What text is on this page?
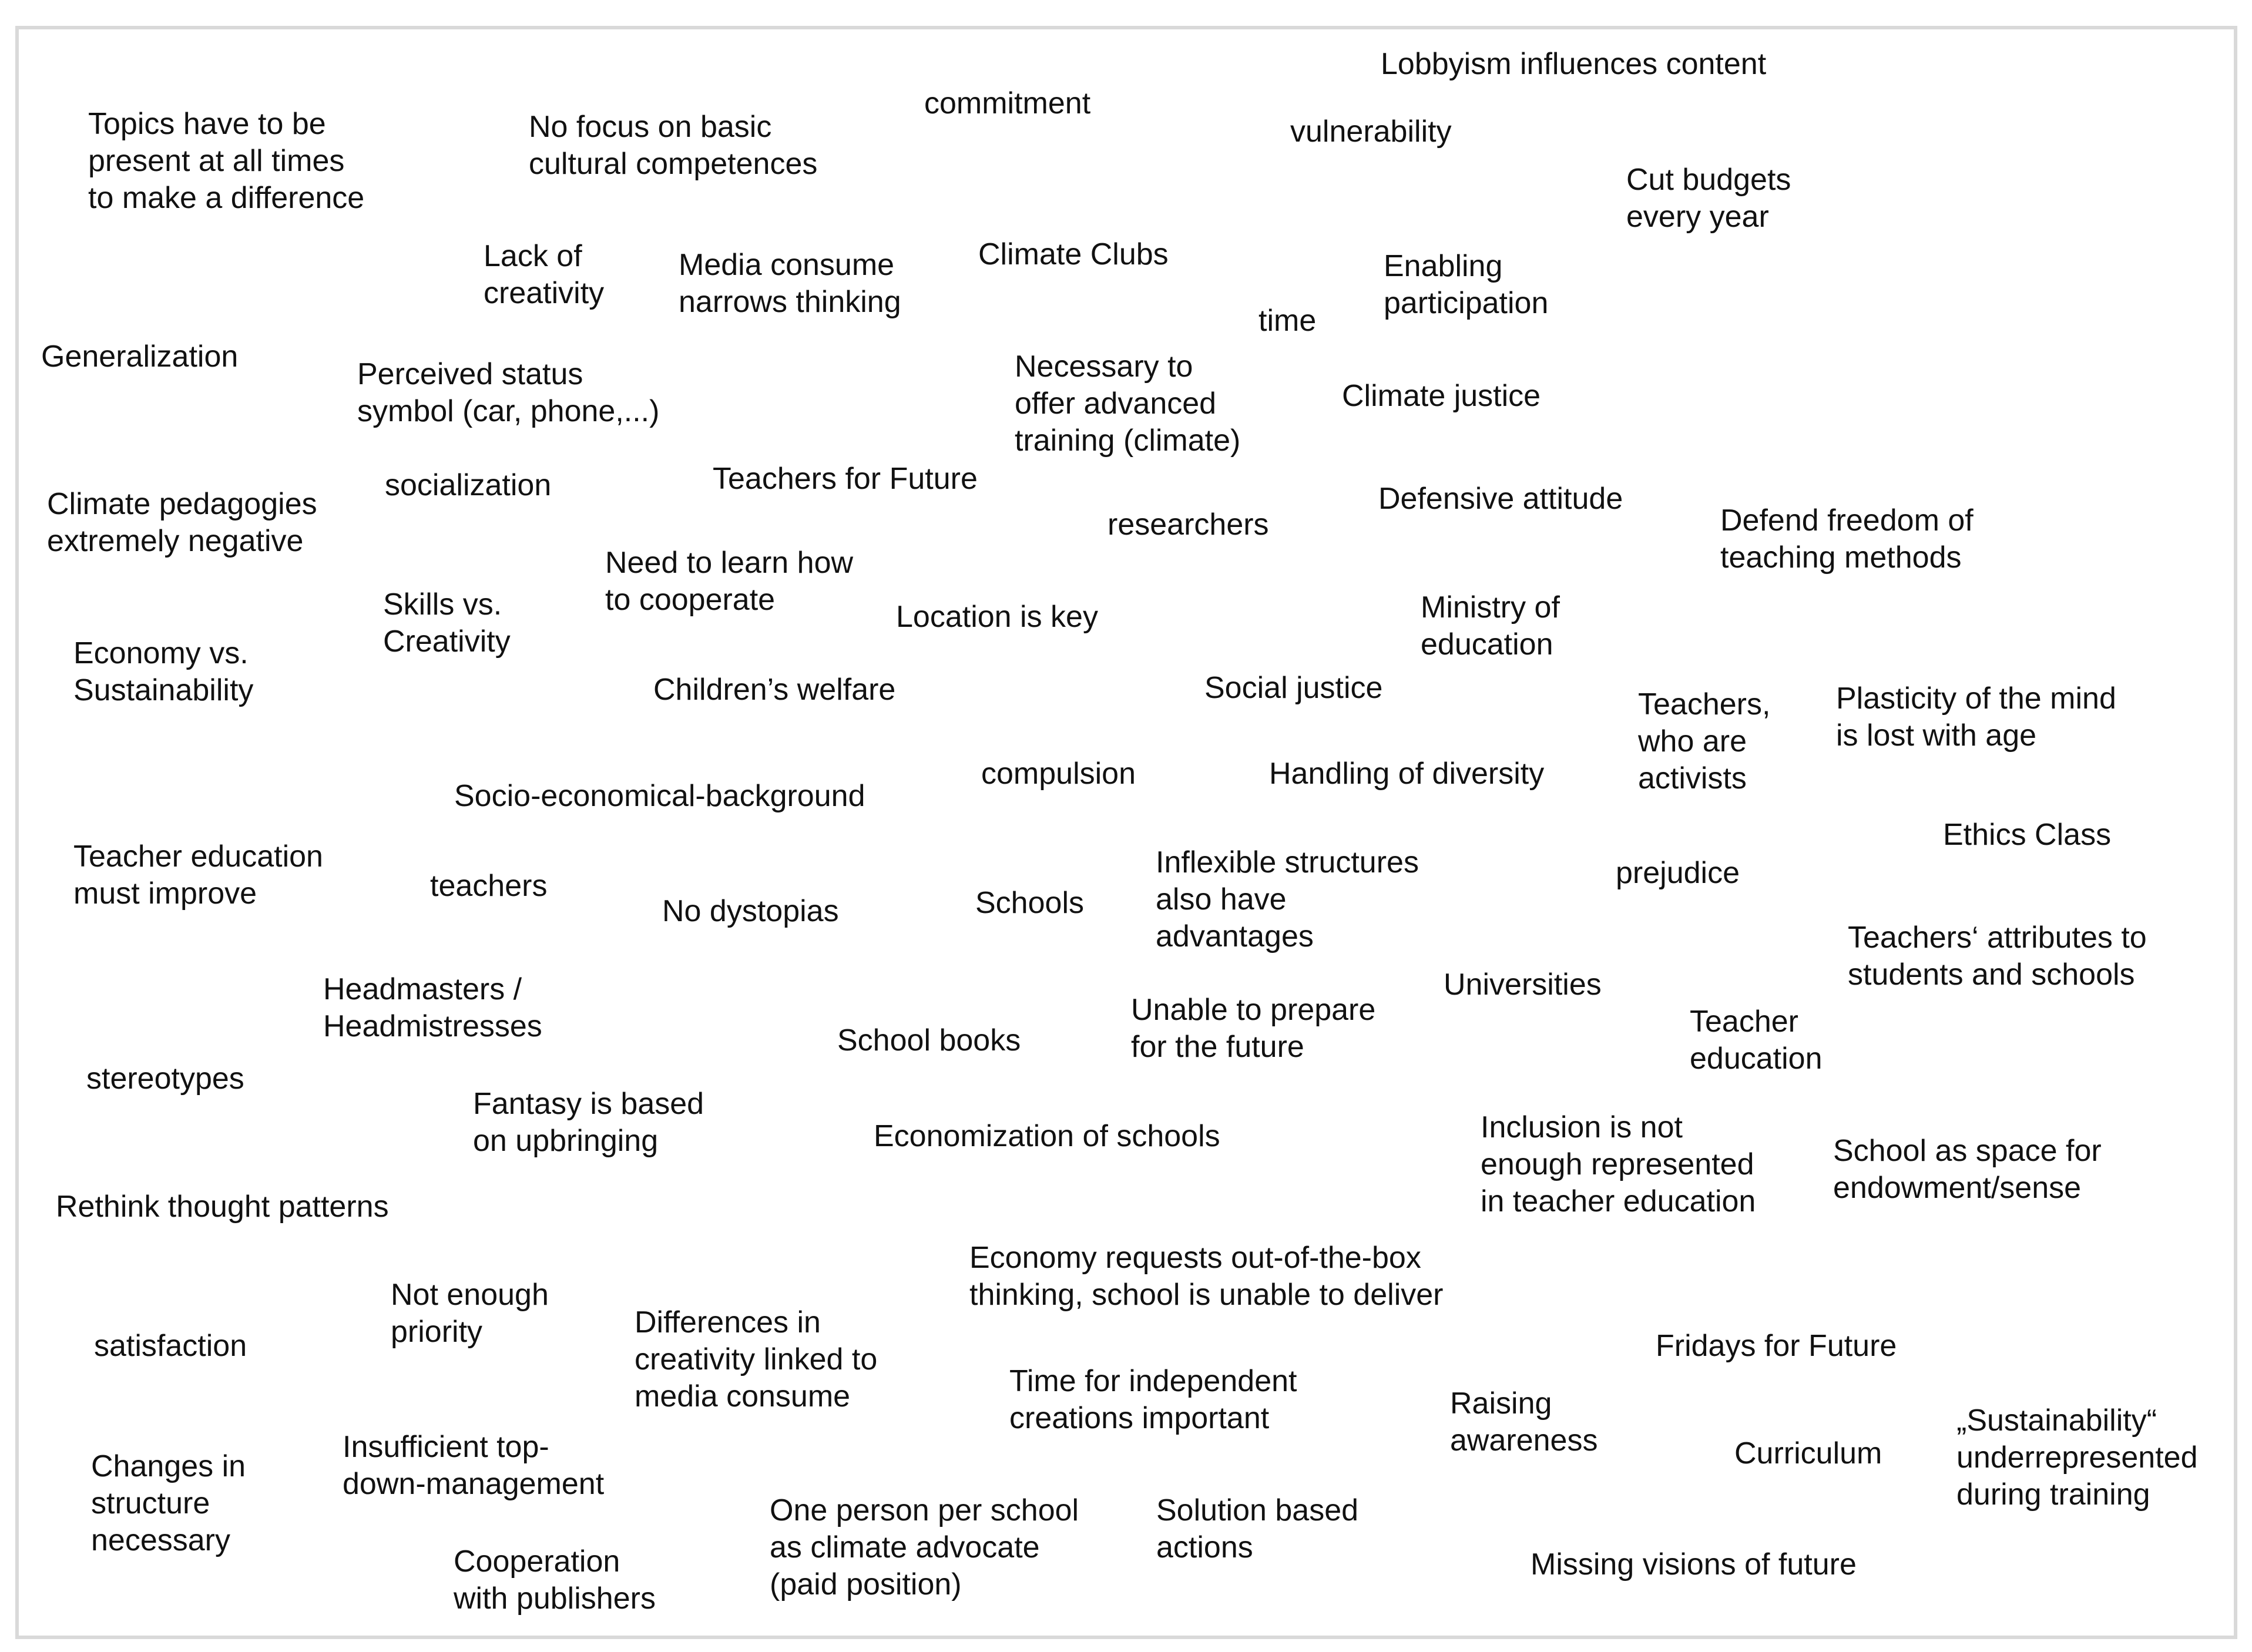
Lobbyism influences content

commitment

vulnerability

Topics have to be
present at all times
to make a difference

No focus on basic
cultural competences	Cut budgets
every year

Lack of
creativity

Media consume
narrows thinking

Climate Clubs	Enabling
participation

time

Generalization

Perceived status
symbol (car, phone,...)

Necessary to
offer advanced
training (climate)

Climate justice

socialization	Teachers for Future

Climate pedagogies
extremely negative

Defensive attitude

researchers	Defend freedom of
teaching methods

Need to learn how
to cooperate

Skills vs.
Creativity

Location is key	Ministry of
education

Economy vs.
Sustainability	Children’s welfare	Social justice	Teachers,
who are
activists

Plasticity of the mind
is lost with age

compulsion	Handling of diversity

Socio-economical-background

Ethics Class

Teacher education
must improve	teachers

Inflexible structures
also have
advantages

prejudice

No dystopias	Schools

Teachers‘ attributes to
students and schools

Headmasters /
Headmistresses

Universities

Unable to prepare
for the future

Teacher
education

School books

stereotypes

Fantasy is based
on upbringing	Inclusion is not
enough represented
in teacher education

Economization of schools	School as space for
endowment/sense

Rethink thought patterns

Economy requests out-of-the-box
thinking, school is unable to deliver

Not enough
priority	Differences in
creativity linked to
media consume

satisfaction	Fridays for Future

Time for independent
creations important	Raising
awareness

„Sustainability“
underrepresented
during training

Curriculum

Changes in
structure
necessary

Insufficient top-
down-management

One person per school
as climate advocate
(paid position)

Solution based
actions

Cooperation
with publishers

Missing visions of future
